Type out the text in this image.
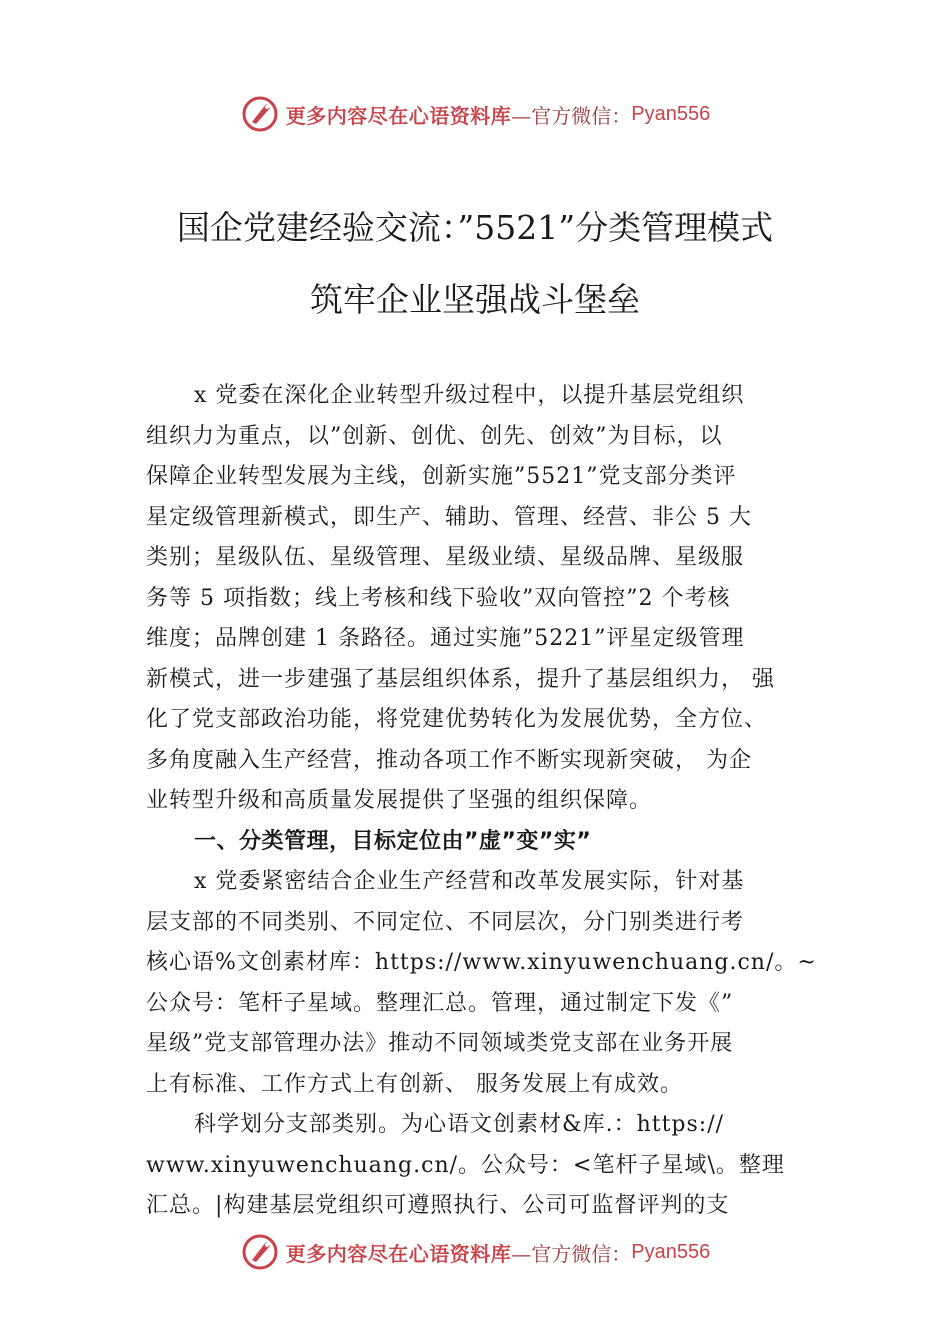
更多内容尽在心语资料库 —官方微信： Pyan556
国企党建经验交流：”5521”分类管理模式
筑牢企业坚强战斗堡垒
x 党委在深化企业转型升级过程中，以提升基层党组织
组织力为重点，以”创新、创优、创先、创效”为目标，以
保障企业转型发展为主线，创新实施”5521”党支部分类评
星定级管理新模式，即生产、辅助、管理、经营、非公 5 大
类别；星级队伍、星级管理、星级业绩、星级品牌、星级服
务等 5 项指数；线上考核和线下验收”双向管控”2 个考核
维度；品牌创建 1 条路径。通过实施”5221”评星定级管理
新模式，进一步建强了基层组织体系，提升了基层组织力， 强
化了党支部政治功能，将党建优势转化为发展优势，全方位、
多角度融入生产经营，推动各项工作不断实现新突破， 为企
业转型升级和高质量发展提供了坚强的组织保障。
一、分类管理，目标定位由”虚”变”实”
x 党委紧密结合企业生产经营和改革发展实际，针对基
层支部的不同类别、不同定位、不同层次，分门别类进行考
核心语%文创素材库：https://www.xinyuwenchuang.cn/。~
公众号：笔杆子星域。整理汇总。管理，通过制定下发《”
星级”党支部管理办法》推动不同领域类党支部在业务开展
上有标准、工作方式上有创新、 服务发展上有成效。
科学划分支部类别。为心语文创素材&库.：https://
www.xinyuwenchuang.cn/。公众号：<笔杆子星域\。整理
汇总。|构建基层党组织可遵照执行、公司可监督评判的支
更多内容尽在心语资料库 —官方微信： Pyan556
